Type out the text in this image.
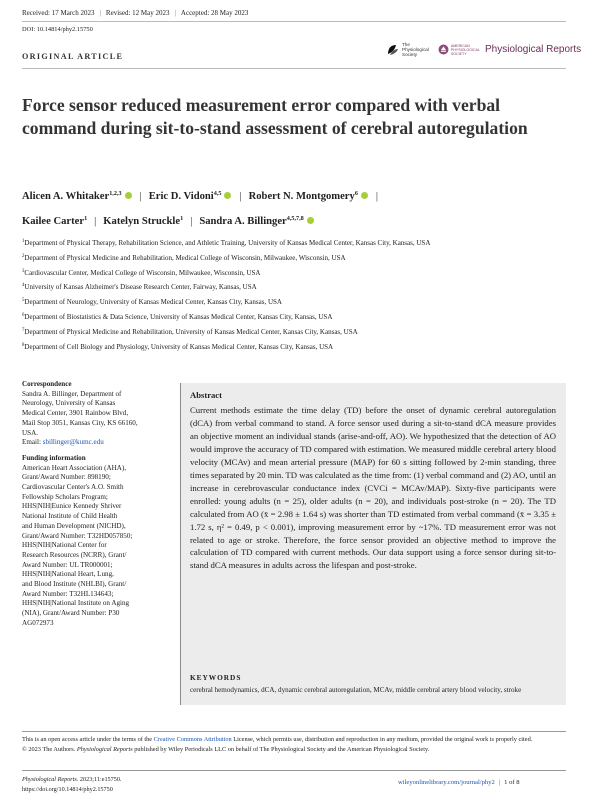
Received: 17 March 2023 | Revised: 12 May 2023 | Accepted: 28 May 2023
DOI: 10.14814/phy2.15750
The
Physiological
Society
AMERICAN
PHYSIOLOGICAL
SOCIETY	Physiological Reports
ORIGINAL ARTICLE
Force sensor reduced measurement error compared with verbal command during sit-to-stand assessment of cerebral autoregulation
Alicen A. Whitaker$^{1,2,3}$ | Eric D. Vidoni$^{4,5}$ | Robert N. Montgomery$^6$ |
Kailee Carter$^1$ | Katelyn Struckle$^1$ | Sandra A. Billinger$^{4,5,7,8}$
$^1$Department of Physical Therapy, Rehabilitation Science, and Athletic Training, University of Kansas Medical Center, Kansas City, Kansas, USA
$^2$Department of Physical Medicine and Rehabilitation, Medical College of Wisconsin, Milwaukee, Wisconsin, USA
$^3$Cardiovascular Center, Medical College of Wisconsin, Milwaukee, Wisconsin, USA
$^4$University of Kansas Alzheimer's Disease Research Center, Fairway, Kansas, USA
$^5$Department of Neurology, University of Kansas Medical Center, Kansas City, Kansas, USA
$^6$Department of Biostatistics & Data Science, University of Kansas Medical Center, Kansas City, Kansas, USA
$^7$Department of Physical Medicine and Rehabilitation, University of Kansas Medical Center, Kansas City, Kansas, USA
$^8$Department of Cell Biology and Physiology, University of Kansas Medical Center, Kansas City, Kansas, USA
Correspondence
Sandra A. Billinger, Department of
Neurology, University of Kansas
Medical Center, 3901 Rainbow Blvd,
Mail Stop 3051, Kansas City, KS 66160,
USA.
Email: sbillinger@kumc.edu
Funding information
American Heart Association (AHA),
Grant/Award Number: 898190;
Cardiovascular Center's A.O. Smith
Fellowship Scholars Program;
HHS|NIH|Eunice Kennedy Shriver
National Institute of Child Health
and Human Development (NICHD),
Grant/Award Number: T32HD057850;
HHS|NIH|National Center for
Research Resources (NCRR), Grant/
Award Number: UL TR000001;
HHS|NIH|National Heart, Lung,
and Blood Institute (NHLBI), Grant/
Award Number: T32HL134643;
HHS|NIH|National Institute on Aging
(NIA), Grant/Award Number: P30
AG072973
Abstract
Current methods estimate the time delay (TD) before the onset of dynamic cerebral autoregulation (dCA) from verbal command to stand. A force sensor used during a sit-to-stand dCA measure provides an objective moment an individual stands (arise-and-off, AO). We hypothesized that the detection of AO would improve the accuracy of TD compared with estimation. We measured middle cerebral artery blood velocity (MCAv) and mean arterial pressure (MAP) for 60 s sitting followed by 2-min standing, three times separated by 20 min. TD was calculated as the time from: (1) verbal command and (2) AO, until an increase in cerebrovascular conductance index (CVCi = MCAv/MAP). Sixty-five participants were enrolled: young adults (n = 25), older adults (n = 20), and individuals post-stroke (n = 20). The TD calculated from AO (x̄ = 2.98 ± 1.64 s) was shorter than TD estimated from verbal command (x̄ = 3.35 ± 1.72 s, η² = 0.49, p < 0.001), improving measurement error by ~17%. TD measurement error was not related to age or stroke. Therefore, the force sensor provided an objective method to improve the calculation of TD compared with current methods. Our data support using a force sensor during sit-to-stand dCA measures in adults across the lifespan and post-stroke.
KEYWORDS
cerebral hemodynamics, dCA, dynamic cerebral autoregulation, MCAv, middle cerebral artery blood velocity, stroke
This is an open access article under the terms of the Creative Commons Attribution License, which permits use, distribution and reproduction in any medium, provided the original work is properly cited.
© 2023 The Authors. Physiological Reports published by Wiley Periodicals LLC on behalf of The Physiological Society and the American Physiological Society.
Physiological Reports. 2023;11:e15750.
https://doi.org/10.14814/phy2.15750
wileyonlinelibrary.com/journal/phy2 | 1 of 8
